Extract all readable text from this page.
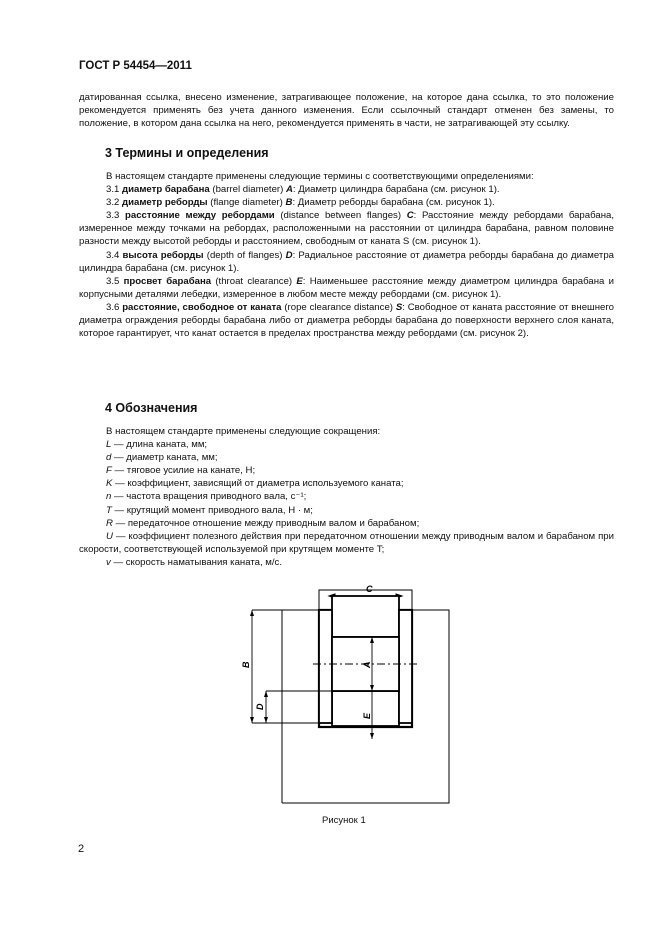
ГОСТ Р 54454—2011

датированная ссылка, внесено изменение, затрагивающее положение, на которое дана ссылка, то это положение рекомендуется применять без учета данного изменения. Если ссылочный стандарт отменен без замены, то положение, в котором дана ссылка на него, рекомендуется применять в части, не затрагивающей эту ссылку.

3 Термины и определения

В настоящем стандарте применены следующие термины с соответствующими определениями:

3.1 диаметр барабана (barrel diameter) A: Диаметр цилиндра барабана (см. рисунок 1).

3.2 диаметр реборды (flange diameter) B: Диаметр реборды барабана (см. рисунок 1).

3.3 расстояние между ребордами (distance between flanges) C: Расстояние между ребордами барабана, измеренное между точками на ребордах, расположенными на расстоянии от цилиндра барабана, равном половине разности между высотой реборды и расстоянием, свободным от каната S (см. рисунок 1).

3.4 высота реборды (depth of flanges) D: Радиальное расстояние от диаметра реборды барабана до диаметра цилиндра барабана (см. рисунок 1).

3.5 просвет барабана (throat clearance) E: Наименьшее расстояние между диаметром цилиндра барабана и корпусными деталями лебедки, измеренное в любом месте между ребордами (см. рисунок 1).

3.6 расстояние, свободное от каната (rope clearance distance) S: Свободное от каната расстояние от внешнего диаметра ограждения реборды барабана либо от диаметра реборды барабана до поверхности верхнего слоя каната, которое гарантирует, что канат остается в пределах пространства между ребордами (см. рисунок 2).

4 Обозначения

В настоящем стандарте применены следующие сокращения:

L — длина каната, мм;

d — диаметр каната, мм;

F — тяговое усилие на канате, Н;

K — коэффициент, зависящий от диаметра используемого каната;

n — частота вращения приводного вала, с⁻¹;

T — крутящий момент приводного вала, Н · м;

R — передаточное отношение между приводным валом и барабаном;

U — коэффициент полезного действия при передаточном отношении между приводным валом и барабаном при скорости, соответствующей используемой при крутящем моменте T;

v — скорость наматывания каната, м/с.

C
B
D
A
E
Рисунок 1
2
